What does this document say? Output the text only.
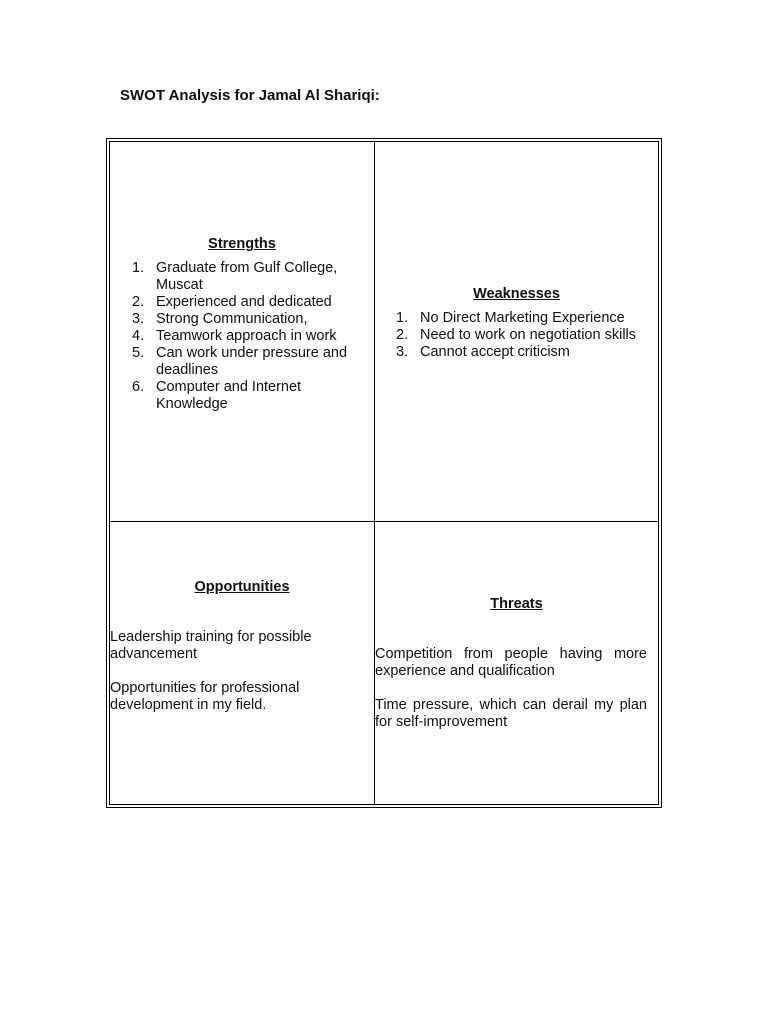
SWOT Analysis for Jamal Al Shariqi:
Strengths
1. Graduate from Gulf College, Muscat
2. Experienced and dedicated
3. Strong Communication,
4. Teamwork approach in work
5. Can work under pressure and deadlines
6. Computer and Internet Knowledge
Weaknesses
1. No Direct Marketing Experience
2. Need to work on negotiation skills
3. Cannot accept criticism
Opportunities

Leadership training for possible advancement

Opportunities for professional development in my field.

Threats

Competition from people having more experience and qualification

Time pressure, which can derail my plan for self-improvement
